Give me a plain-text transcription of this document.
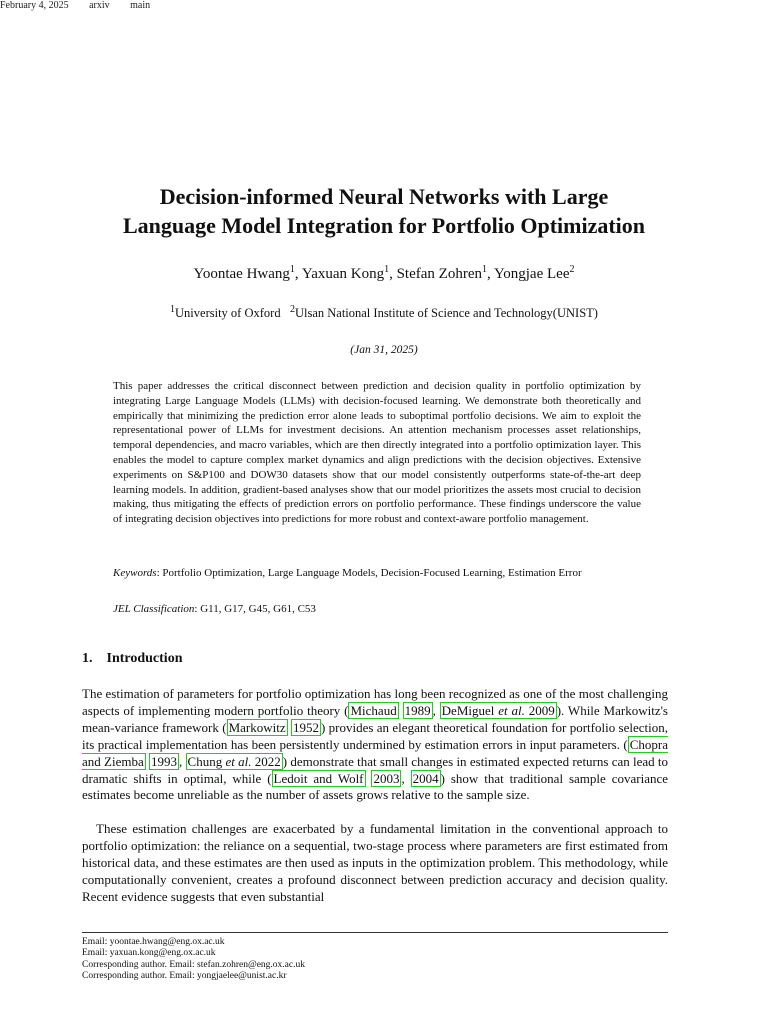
February 4, 2025 arxiv main
Decision-informed Neural Networks with Large
Language Model Integration for Portfolio Optimization
Yoontae Hwang$^1$, Yaxuan Kong$^1$, Stefan Zohren$^1$, Yongjae Lee$^2$
$^1$University of Oxford $^2$Ulsan National Institute of Science and Technology(UNIST)
(Jan 31, 2025)

This paper addresses the critical disconnect between prediction and decision quality in portfolio optimization by integrating Large Language Models (LLMs) with decision-focused learning. We demonstrate both theoretically and empirically that minimizing the prediction error alone leads to suboptimal portfolio decisions. We aim to exploit the representational power of LLMs for investment decisions. An attention mechanism processes asset relationships, temporal dependencies, and macro variables, which are then directly integrated into a portfolio optimization layer. This enables the model to capture complex market dynamics and align predictions with the decision objectives. Extensive experiments on S&P100 and DOW30 datasets show that our model consistently outperforms state-of-the-art deep learning models. In addition, gradient-based analyses show that our model prioritizes the assets most crucial to decision making, thus mitigating the effects of prediction errors on portfolio performance. These findings underscore the value of integrating decision objectives into predictions for more robust and context-aware portfolio management.

Keywords: Portfolio Optimization, Large Language Models, Decision-Focused Learning, Estimation Error

JEL Classification: G11, G17, G45, G61, C53

1. Introduction

The estimation of parameters for portfolio optimization has long been recognized as one of the most challenging aspects of implementing modern portfolio theory ( Michaud 1989 , DeMiguel et al. 2009 ). While Markowitz's mean-variance framework ( Markowitz 1952 ) provides an elegant theoretical foundation for portfolio selection, its practical implementation has been persistently undermined by estimation errors in input parameters. ( Chopra and Ziemba 1993 , Chung et al. 2022 ) demonstrate that small changes in estimated expected returns can lead to dramatic shifts in optimal, while ( Ledoit and Wolf 2003 , 2004 ) show that traditional sample covariance estimates become unreliable as the number of assets grows relative to the sample size.

These estimation challenges are exacerbated by a fundamental limitation in the conventional approach to portfolio optimization: the reliance on a sequential, two-stage process where parameters are first estimated from historical data, and these estimates are then used as inputs in the optimization problem. This methodology, while computationally convenient, creates a profound disconnect between prediction accuracy and decision quality. Recent evidence suggests that even substantial

Email: yoontae.hwang@eng.ox.ac.uk
Email: yaxuan.kong@eng.ox.ac.uk
Corresponding author. Email: stefan.zohren@eng.ox.ac.uk
Corresponding author. Email: yongjaelee@unist.ac.kr
